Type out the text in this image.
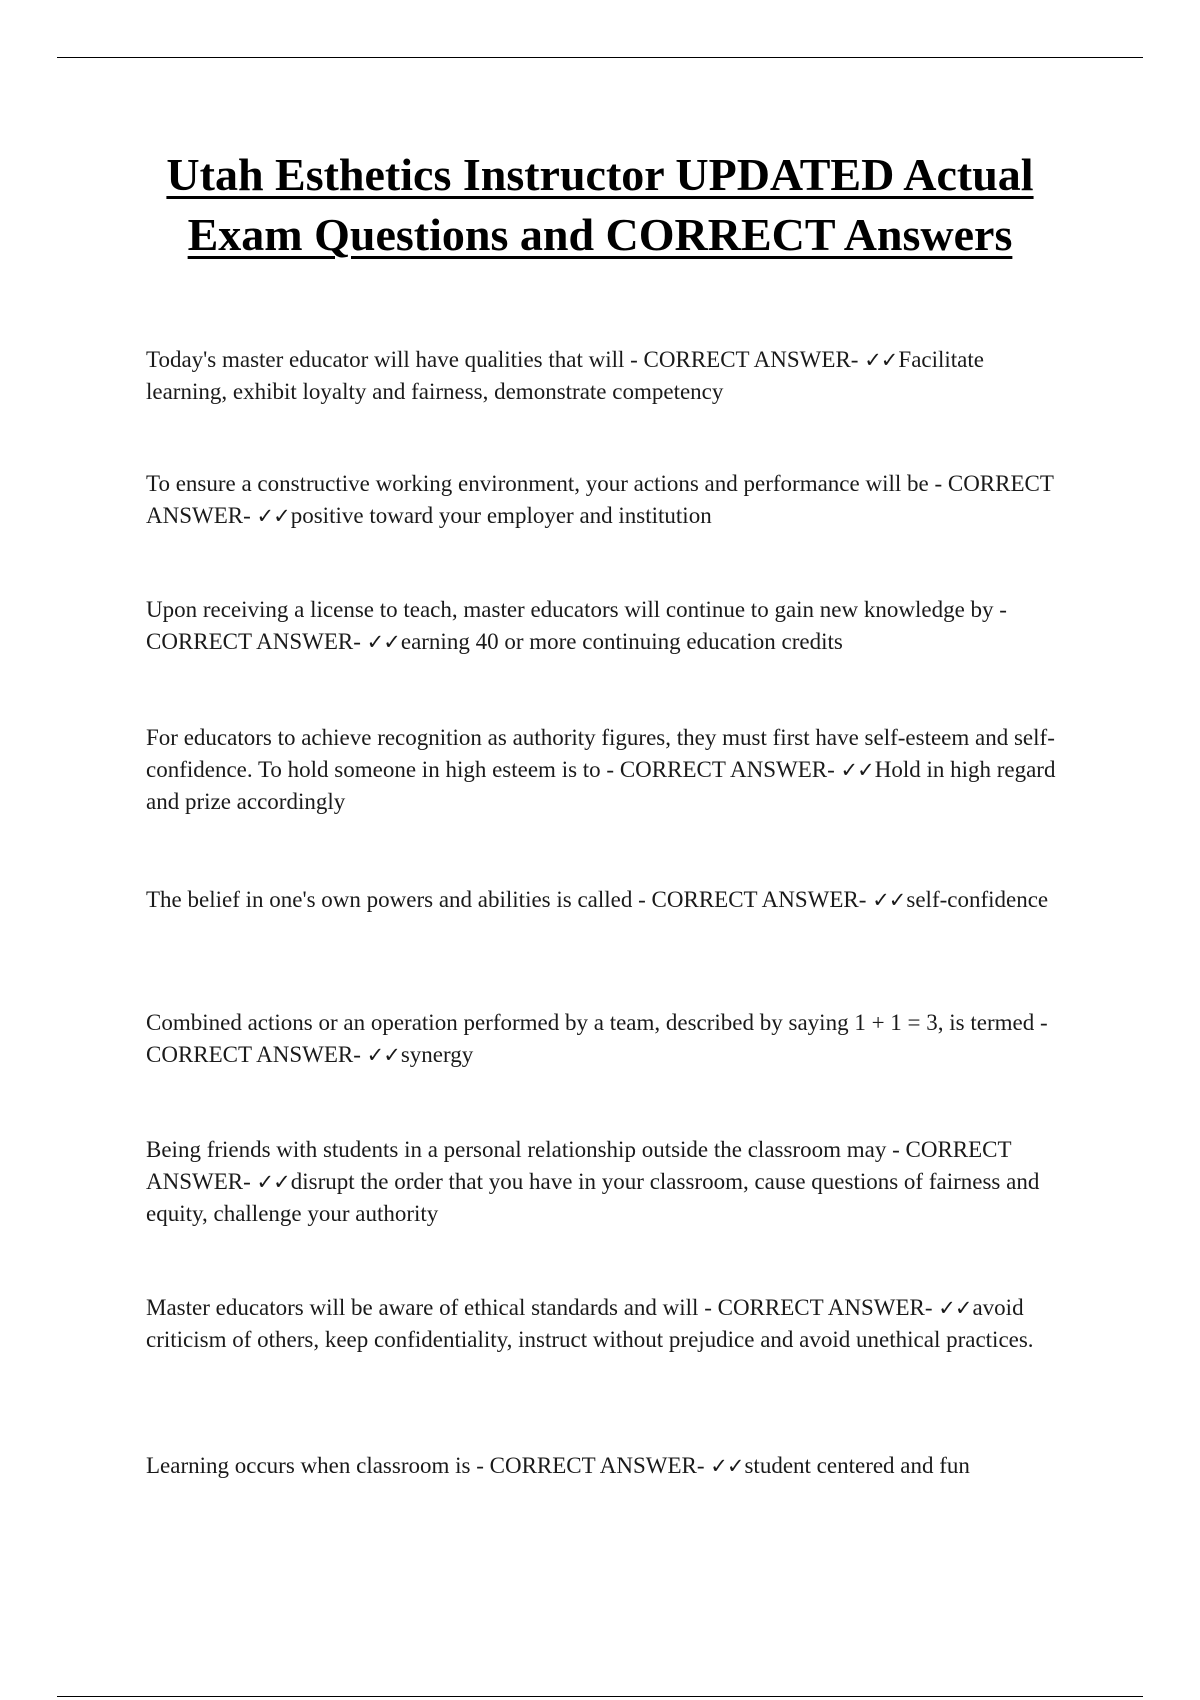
Utah Esthetics Instructor UPDATED Actual Exam Questions and CORRECT Answers

Today's master educator will have qualities that will - CORRECT ANSWER- ✓✓Facilitate learning, exhibit loyalty and fairness, demonstrate competency

To ensure a constructive working environment, your actions and performance will be - CORRECT ANSWER- ✓✓positive toward your employer and institution

Upon receiving a license to teach, master educators will continue to gain new knowledge by - CORRECT ANSWER- ✓✓earning 40 or more continuing education credits

For educators to achieve recognition as authority figures, they must first have self-esteem and self-confidence. To hold someone in high esteem is to - CORRECT ANSWER- ✓✓Hold in high regard and prize accordingly

The belief in one's own powers and abilities is called - CORRECT ANSWER- ✓✓self-confidence

Combined actions or an operation performed by a team, described by saying 1 + 1 = 3, is termed - CORRECT ANSWER- ✓✓synergy

Being friends with students in a personal relationship outside the classroom may - CORRECT ANSWER- ✓✓disrupt the order that you have in your classroom, cause questions of fairness and equity, challenge your authority

Master educators will be aware of ethical standards and will - CORRECT ANSWER- ✓✓avoid criticism of others, keep confidentiality, instruct without prejudice and avoid unethical practices.

Learning occurs when classroom is - CORRECT ANSWER- ✓✓student centered and fun
